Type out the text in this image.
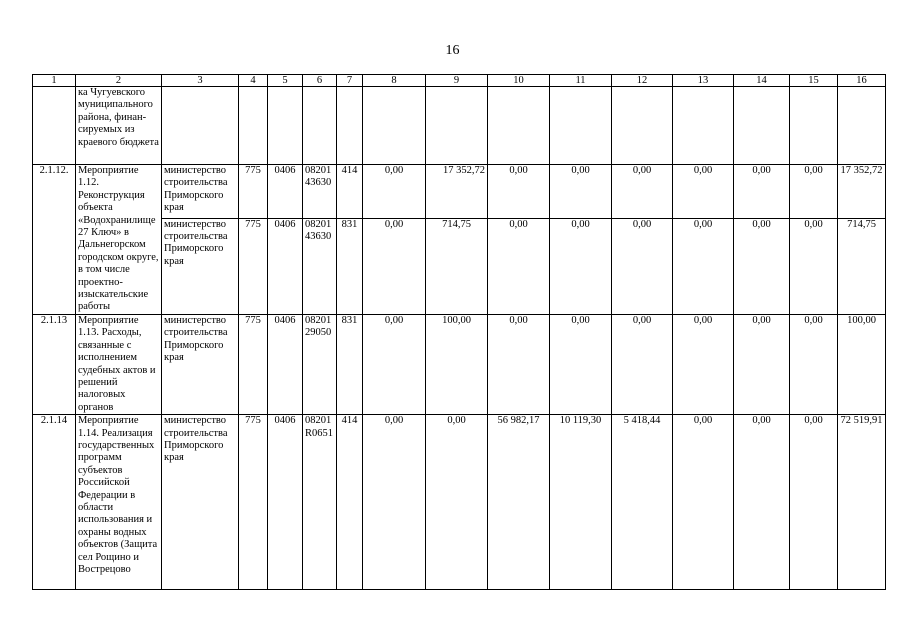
16
1	2	3	4	5	6	7	8	9	10	11	12	13	14	15	16
	ка Чугуевского муниципального района, финан-сируемых из краевого бюджета														
2.1.12.	Мероприятие 1.12. Реконструкция объекта «Водохранилище 27 Ключ» в Дальнегорском городском округе, в том числе проектно-изыскательские работы	министерство строительства Приморского края	775	0406	08201 43630	414	0,00	17 352,72	0,00	0,00	0,00	0,00	0,00	0,00	17 352,72
		министерство строительства Приморского края	775	0406	08201 43630	831	0,00	714,75	0,00	0,00	0,00	0,00	0,00	0,00	714,75
2.1.13	Мероприятие 1.13. Расходы, связанные с исполнением судебных актов и решений налоговых органов	министерство строительства Приморского края	775	0406	08201 29050	831	0,00	100,00	0,00	0,00	0,00	0,00	0,00	0,00	100,00
2.1.14	Мероприятие 1.14. Реализация государственных программ субъектов Российской Федерации в области использования и охраны водных объектов (Защита сел Рощино и Вострецово	министерство строительства Приморского края	775	0406	08201 R0651	414	0,00	0,00	56 982,17	10 119,30	5 418,44	0,00	0,00	0,00	72 519,91
